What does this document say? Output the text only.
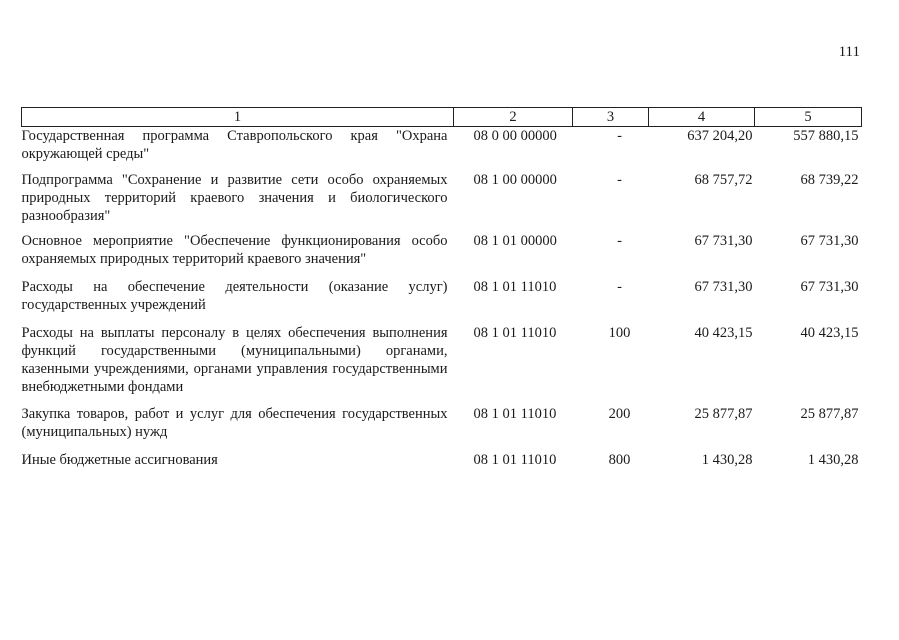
111
1	2	3	4	5
Государственная программа Ставропольского края "Охрана окружающей среды"	08 0 00 00000	-	637 204,20	557 880,15
Подпрограмма "Сохранение и развитие сети особо охраняемых природных территорий краевого значения и биологического разнообразия"	08 1 00 00000	-	68 757,72	68 739,22
Основное мероприятие "Обеспечение функционирования особо охраняемых природных территорий краевого значения"	08 1 01 00000	-	67 731,30	67 731,30
Расходы на обеспечение деятельности (оказание услуг) государственных учреждений	08 1 01 11010	-	67 731,30	67 731,30
Расходы на выплаты персоналу в целях обеспечения выполнения функций государственными (муниципальными) органами, казенными учреждениями, органами управления государственными внебюджетными фондами	08 1 01 11010	100	40 423,15	40 423,15
Закупка товаров, работ и услуг для обеспечения государственных (муниципальных) нужд	08 1 01 11010	200	25 877,87	25 877,87
Иные бюджетные ассигнования	08 1 01 11010	800	1 430,28	1 430,28
